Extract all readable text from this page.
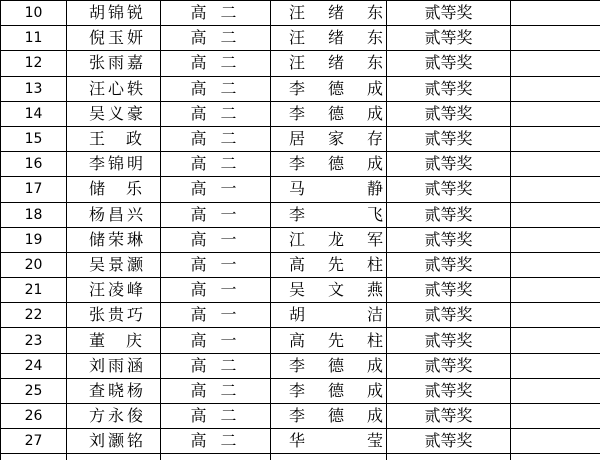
10	胡 锦 锐	高二	汪 绪 东	贰等奖	
11	倪 玉 妍	高二	汪 绪 东	贰等奖	
12	张 雨 嘉	高二	汪 绪 东	贰等奖	
13	汪 心 轶	高二	李 德 成	贰等奖	
14	吴 义 豪	高二	李 德 成	贰等奖	
15	王 政	高二	居 家 存	贰等奖	
16	李 锦 明	高二	李 德 成	贰等奖	
17	储 乐	高一	马 静	贰等奖	
18	杨 昌 兴	高一	李 飞	贰等奖	
19	储 荣 琳	高一	江 龙 军	贰等奖	
20	吴 景 灏	高一	高 先 柱	贰等奖	
21	汪 凌 峰	高一	吴 文 燕	贰等奖	
22	张 贵 巧	高一	胡 洁	贰等奖	
23	董 庆	高一	高 先 柱	贰等奖	
24	刘 雨 涵	高二	李 德 成	贰等奖	
25	查 晓 杨	高二	李 德 成	贰等奖	
26	方 永 俊	高二	李 德 成	贰等奖	
27	刘 灏 铭	高二	华 莹	贰等奖	
